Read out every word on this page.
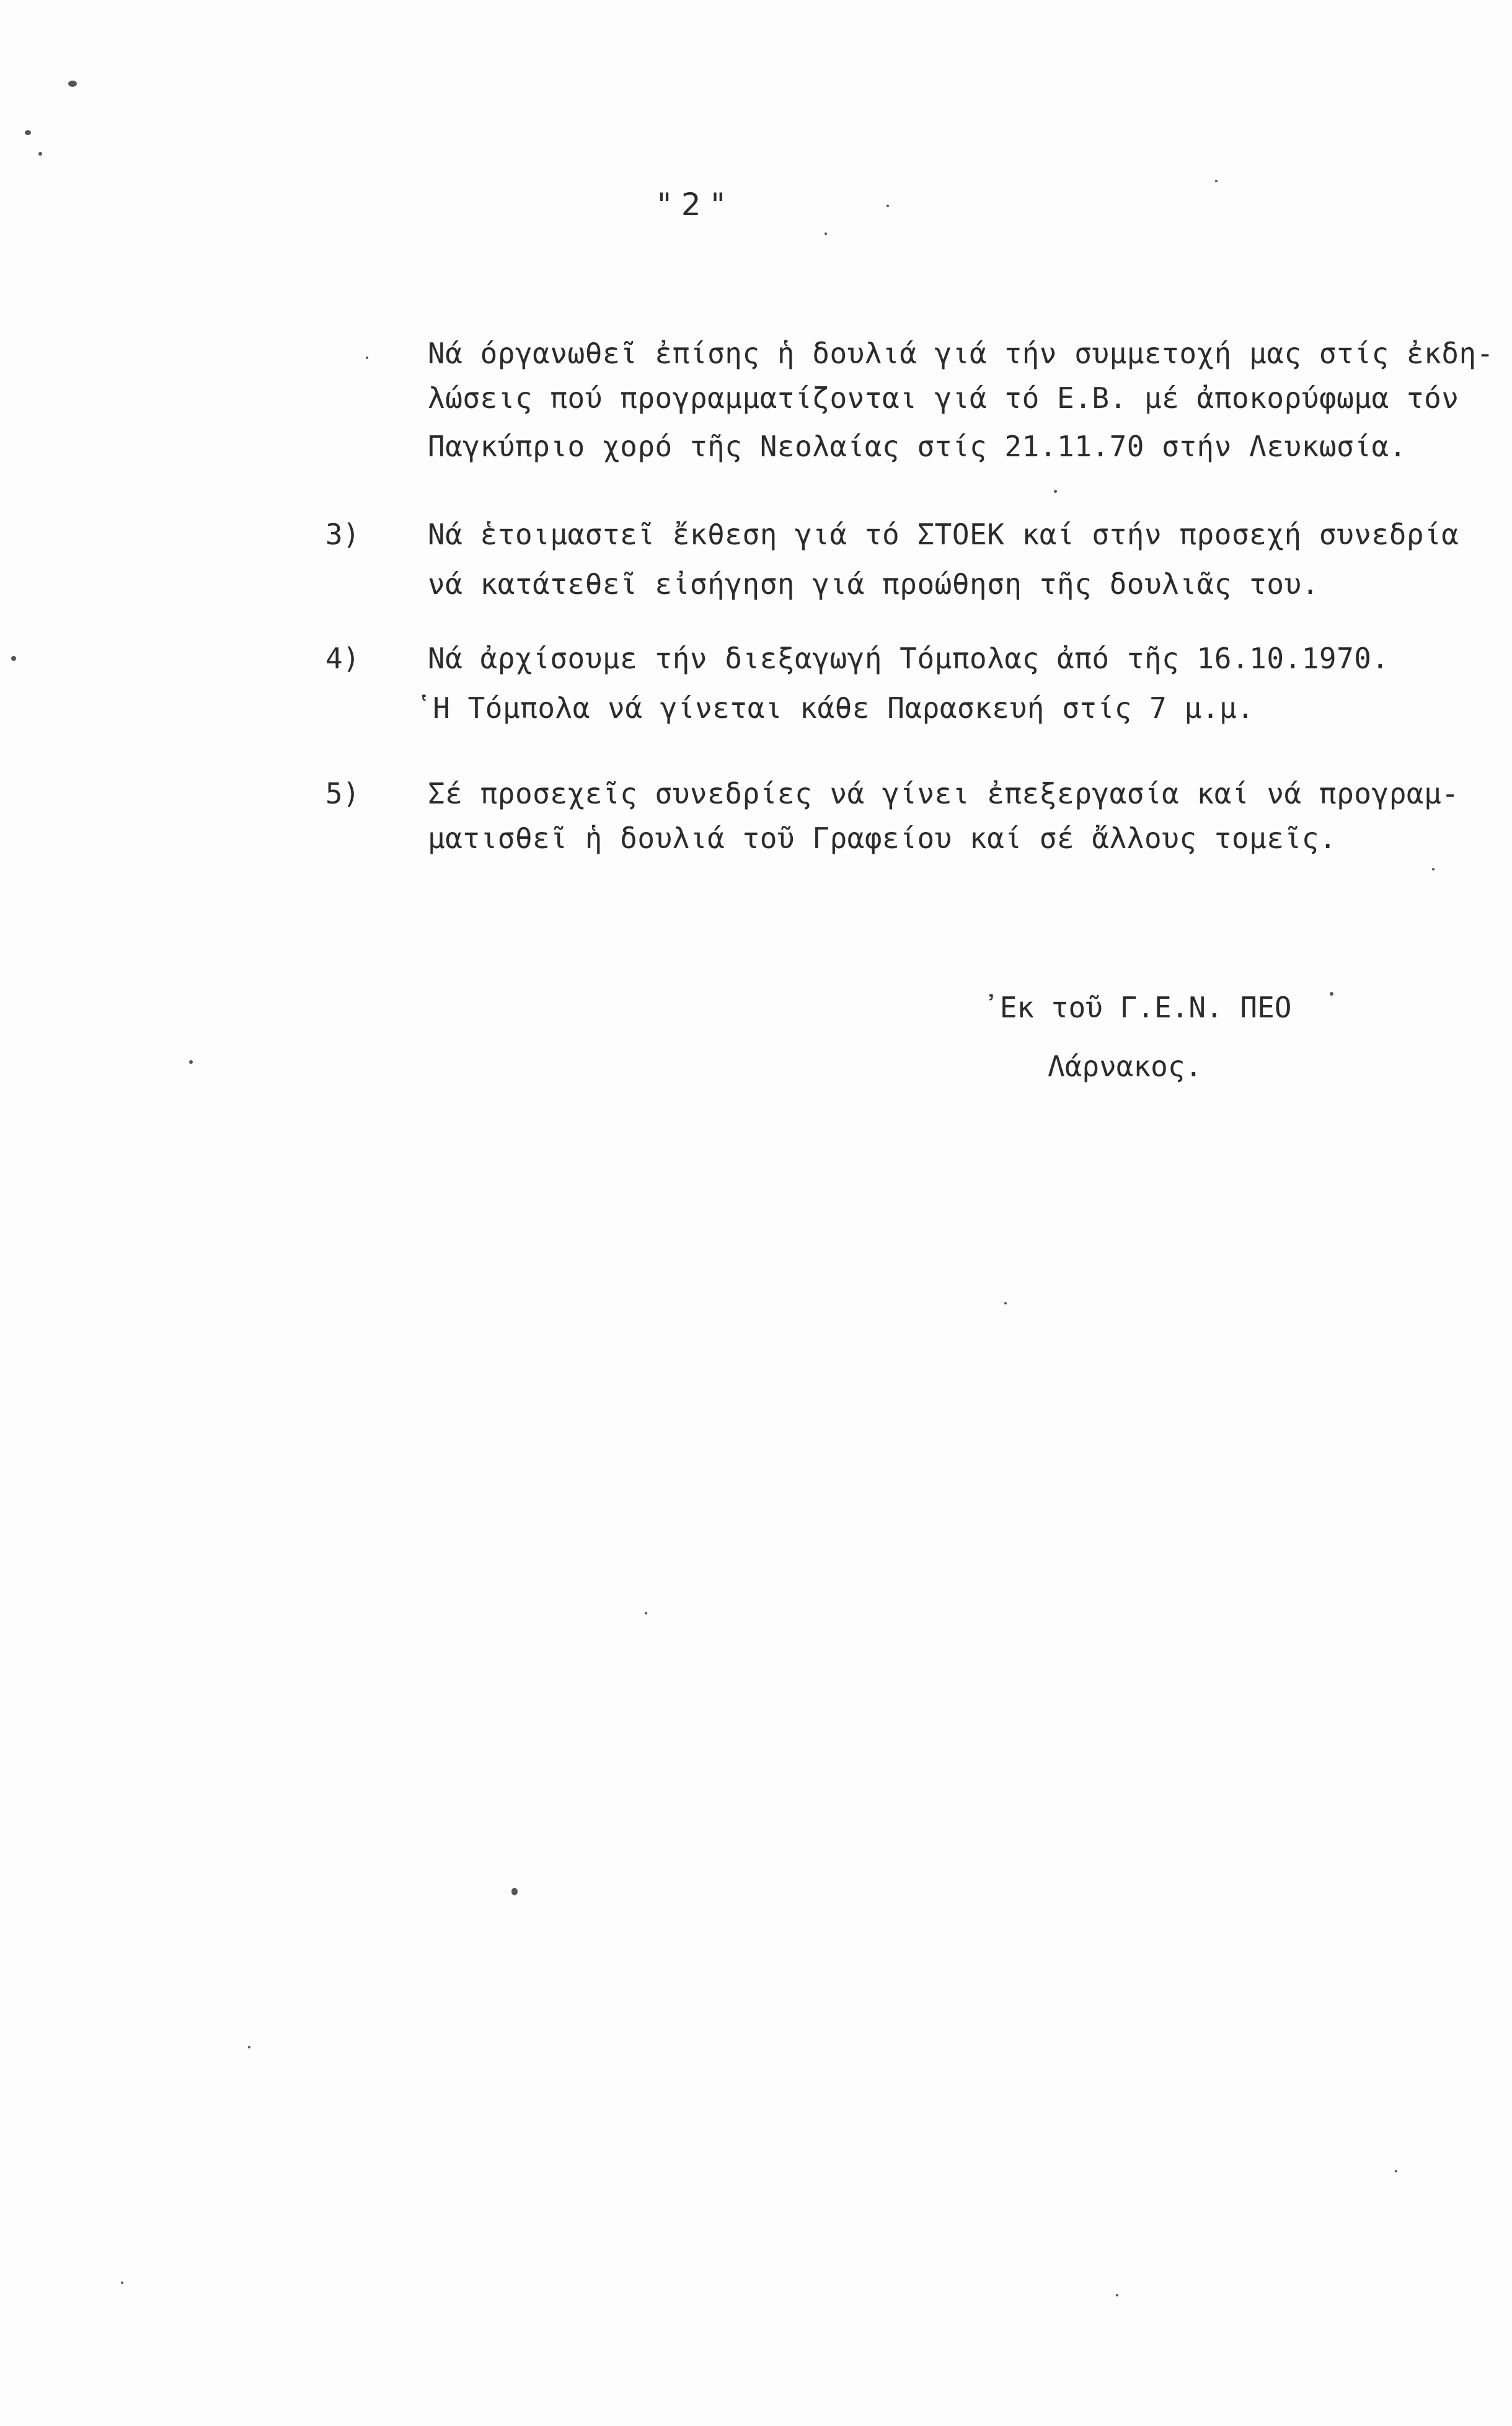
" 2 "
Νά όργανωθεῖ ἐπίσης ἡ δουλιά γιά τήν συμμετοχή μας στίς ἐκδη-
λώσεις πού προγραμματίζονται γιά τό Ε.Β. μέ ἀποκορύφωμα τόν
Παγκύπριο χορό τῆς Νεολαίας στίς 21.11.70 στήν Λευκωσία.
3) Νά ἑτοιμαστεῖ ἔκθεση γιά τό ΣΤΟΕΚ καί στήν προσεχή συνεδρία
νά κατάτεθεῖ εἰσήγηση γιά προώθηση τῆς δουλιᾶς του.
4) Νά ἀρχίσουμε τήν διεξαγωγή Τόμπολας ἀπό τῆς 16.10.1970.
῾Η Τόμπολα νά γίνεται κάθε Παρασκευή στίς 7 μ.μ.
5) Σέ προσεχεῖς συνεδρίες νά γίνει ἐπεξεργασία καί νά προγραμ-
ματισθεῖ ἡ δουλιά τοῦ Γραφείου καί σέ ἄλλους τομεῖς.
᾿Εκ τοῦ Γ.Ε.Ν. ΠΕΟ
Λάρνακος.
